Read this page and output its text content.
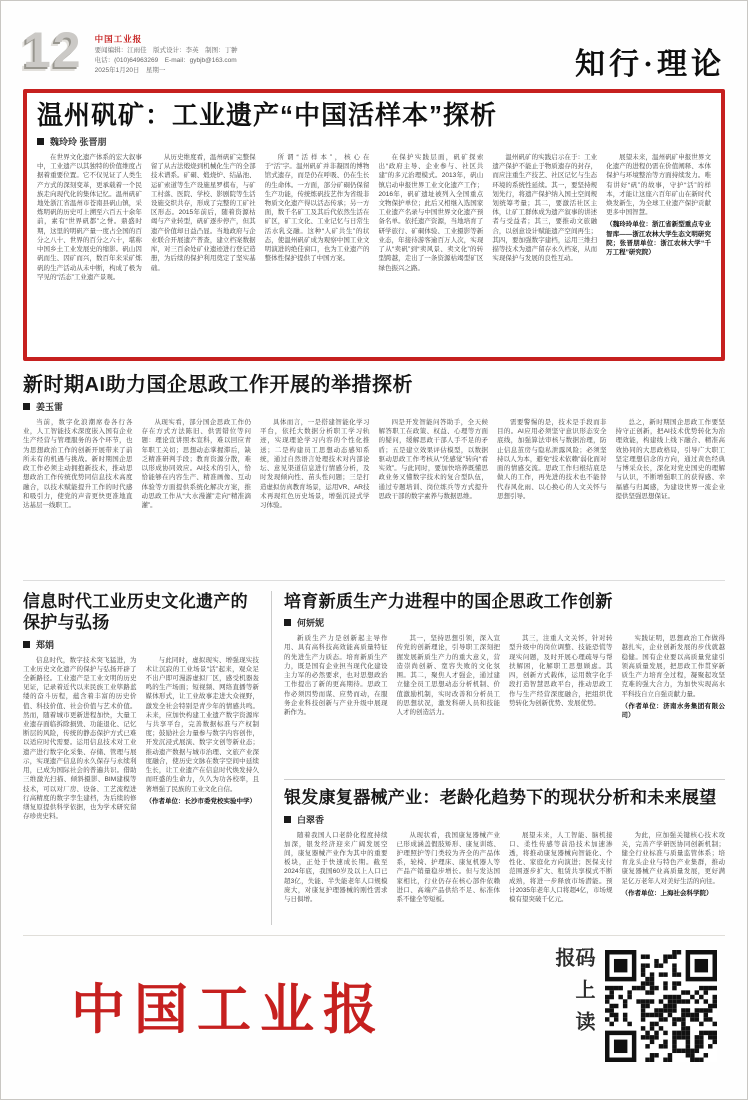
12 中国工业报
要闻编辑：江雨佳　版式设计：李英　制图：丁翀
电话：(010)64963269　E-mail：gybjb@163.com
2025年1月20日　星期一	知行·理论
温州矾矿：工业遗产“中国活样本”探析
魏玲玲 张晋朋

在世界文化遗产体系的宏大叙事中，工业遗产以其独特的价值维度占据着重要位置。它不仅见证了人类生产方式的深刻变革，更承载着一个民族走向现代化的集体记忆。温州矾矿地处浙江省温州市苍南县矾山镇，采炼明矾的历史可上溯至六百五十余年前，素有“世界矾都”之誉。鼎盛时期，这里的明矾产量一度占全国的百分之八十、世界的百分之六十，堪称中国乡土工业发展史的缩影。矾山因矾而生、因矿而兴，数百年来采矿炼矾的生产活动从未中断，构成了极为罕见的“活态”工业遗产景观。

从历史维度看，温州矾矿完整保留了从古法煅烧到机械化生产的全部技术谱系。矿硐、煅烧炉、结晶池、运矿索道等生产设施星罗棋布，与矿工村落、医院、学校、影剧院等生活设施交织共存，形成了完整的工矿社区形态。2015年前后，随着资源枯竭与产业转型，矾矿逐步停产，但其遗产价值却日益凸显。当地政府与企业联合开展遗产普查，建立档案数据库，对三百余处矿业遗迹进行登记造册，为后续的保护利用奠定了坚实基础。

所谓“活样本”，核心在于“活”字。温州矾矿并非凝固的博物馆式遗存，而是仍在呼吸、仍在生长的生命体。一方面，部分矿硐仍保留生产功能，传统炼矾技艺作为省级非物质文化遗产得以活态传承；另一方面，数千名矿工及其后代依然生活在矿区，矿工文化、工业记忆与日常生活水乳交融。这种“人矿共生”的状态，使温州矾矿成为观察中国工业文明演进的绝佳窗口，也为工业遗产的整体性保护提供了中国方案。

在保护实践层面，矾矿探索出“政府主导、企业参与、社区共建”的多元治理模式。2013年，矾山镇启动申报世界工业文化遗产工作；2016年，矾矿遗址被列入全国重点文物保护单位；此后又相继入选国家工业遗产名录与中国世界文化遗产预备名单。依托遗产资源，当地培育了研学旅行、矿硐体验、工业摄影等新业态，年接待游客逾百万人次，实现了从“卖矾”到“卖风景、卖文化”的转型跨越，走出了一条资源枯竭型矿区绿色振兴之路。

温州矾矿的实践启示在于：工业遗产保护不能止于物质遗存的封存，而应注重生产技艺、社区记忆与生态环境的系统性延续。其一，要坚持规划先行，将遗产保护纳入国土空间规划统筹考量；其二，要激活社区主体，让矿工群体成为遗产叙事的讲述者与受益者；其三，要推动文旅融合，以创意设计赋能遗产空间再生；其四，要加强数字建档，运用三维扫描等技术为遗产留存永久档案，从而实现保护与发展的良性互动。

展望未来，温州矾矿申报世界文化遗产的进程仍需在价值阐释、本体保护与环境整治等方面持续发力。唯有讲好“矾”的故事，守护“活”的样本，才能让这座六百年矿山在新时代焕发新生，为全球工业遗产保护贡献更多中国智慧。

（魏玲玲单位：浙江省新型重点专业智库——浙江农林大学生态文明研究院；张晋朋单位：浙江农林大学“千万工程”研究院）

新时期AI助力国企思政工作开展的举措探析
姜玉雷

当前，数字化浪潮席卷各行各业，人工智能技术深度嵌入国有企业生产经营与管理服务的各个环节，也为思想政治工作的创新开展带来了前所未有的机遇与挑战。新时期国企思政工作必须主动拥抱新技术，推动思想政治工作传统优势同信息技术高度融合，以技术赋能提升工作的时代感和吸引力，使党的声音更快更准地直达基层一线职工。

从现实看，部分国企思政工作仍存在方式方法陈旧、供需错位等问题：理论宣讲照本宣科，难以回应青年职工关切；思想动态掌握滞后，缺乏精准研判手段；教育资源分散，难以形成协同效应。AI技术的引入，恰恰能够在内容生产、精准画像、互动体验等方面提供系统化解决方案，推动思政工作从“大水漫灌”走向“精准滴灌”。

具体而言，一是搭建智能化学习平台，依托大数据分析职工学习轨迹，实现理论学习内容的个性化推送；二是构建员工思想动态感知系统，通过自然语言处理技术对内部论坛、意见渠道信息进行情感分析，及时发现倾向性、苗头性问题；三是打造虚拟仿真教育场景，运用VR、AR技术再现红色历史场景，增强沉浸式学习体验。

四是开发智能问答助手，全天候解答职工在政策、权益、心理等方面的疑问，缓解思政干部人手不足的矛盾；五是建立效果评估模型，以数据驱动思政工作考核从“凭感觉”转向“看实效”。与此同时，要加快培养既懂思政业务又懂数字技术的复合型队伍，通过专题培训、岗位练兵等方式提升思政干部的数字素养与数据思维。

需要警惕的是，技术是手段而非目的。AI应用必须坚守意识形态安全底线，加强算法审核与数据治理，防止信息茧房与隐私泄露风险；必须坚持以人为本，避免“技术依赖”弱化面对面的情感交流。思政工作归根结底是做人的工作，再先进的技术也不能替代春风化雨、以心换心的人文关怀与思想引导。

总之，新时期国企思政工作要坚持守正创新，把AI技术优势转化为治理效能，构建线上线下融合、精准高效协同的大思政格局，引导广大职工坚定理想信念的方向，通过黄色经典与博采众长，深化对党史国史的理解与认识，不断增强职工的获得感、幸福感与归属感，为建设世界一流企业提供坚强思想保证。

信息时代工业历史文化遗产的保护与弘扬
郑娟

信息时代，数字技术突飞猛进，为工业历史文化遗产的保护与弘扬开辟了全新路径。工业遗产是工业文明的历史见证，记录着近代以来民族工业筚路蓝缕的奋斗历程，蕴含着丰富的历史价值、科技价值、社会价值与艺术价值。然而，随着城市更新进程加快，大量工业遗存面临拆除损毁、功能退化、记忆断层的风险，传统的静态保护方式已难以适应时代需要。运用信息技术对工业遗产进行数字化采集、存储、管理与展示，实现遗产信息的永久保存与永续利用，已成为国际社会的普遍共识。借助三维激光扫描、倾斜摄影、BIM建模等技术，可以对厂房、设备、工艺流程进行高精度的数字孪生建档，为后续的修缮复原提供科学依据，也为学术研究留存珍贵史料。

与此同时，虚拟现实、增强现实技术让沉寂的工业场景“活”起来，观众足不出户即可漫游虚拟厂区，感受机器轰鸣的生产场面；短视频、网络直播等新媒体形式，让工业故事走进大众视野，激发全社会特别是青少年的情感共鸣。未来，应加快构建工业遗产数字资源库与共享平台，完善数据标准与产权制度；鼓励社会力量参与数字内容创作，开发沉浸式展演、数字文创等新业态；推动遗产数据与城市治理、文旅产业深度融合，使历史文脉在数字空间中延续生长，让工业遗产在信息时代焕发持久而旺盛的生命力，久久为功各校率，且著增强了民族的工业文化自信。

（作者单位：长沙市委党校实验中学）

培育新质生产力进程中的国企思政工作创新
何妍妮

新质生产力是创新起主导作用、具有高科技高效能高质量特征的先进生产力质态。培育新质生产力，既是国有企业担当现代化建设主力军的必然要求，也对思想政治工作提出了新的更高期待。思政工作必须因势而谋、应势而动，在服务企业科技创新与产业升级中展现新作为。

其一，坚持思想引领，深入宣传党的创新理论，引导职工深刻把握发展新质生产力的重大意义，营造崇尚创新、宽容失败的文化氛围。其二，聚焦人才强企，通过建立健全员工思想动态分析机制、价值激励机制，实时改善和分析员工的思想状况，激发科研人员和技能人才的创造活力。

其三，注重人文关怀，针对转型升级中的岗位调整、技能恐慌等现实问题，及时开展心理疏导与帮扶解困，化解职工思想顾虑。其四，创新方式载体，运用数字化手段打造智慧思政平台，推动思政工作与生产经营深度融合，把组织优势转化为创新优势、发展优势。

实践证明，思想政治工作做得越扎实，企业创新发展的步伐就越稳健。国有企业要以高质量党建引领高质量发展，把思政工作贯穿新质生产力培育全过程，凝聚起攻坚克难的强大合力，为加快实现高水平科技自立自强贡献力量。

（作者单位：济南水务集团有限公司）

银发康复器械产业：老龄化趋势下的现状分析和未来展望
白翠香

随着我国人口老龄化程度持续加深，银发经济迎来广阔发展空间，康复器械产业作为其中的重要板块，正处于快速成长期。截至2024年底，我国60岁及以上人口已超3亿，失能、半失能老年人口规模庞大，对康复护理器械的刚性需求与日俱增。

从现状看，我国康复器械产业已形成涵盖假肢矫形、康复训练、护理照护等门类较为齐全的产品体系，轮椅、护理床、康复机器人等产品产销量稳步增长。但与发达国家相比，行业仍存在核心部件依赖进口、高端产品供给不足、标准体系不健全等短板。

展望未来，人工智能、脑机接口、柔性传感等前沿技术加速渗透，将推动康复器械向智能化、个性化、家庭化方向演进；医保支付范围逐步扩大、租赁共享模式不断成熟，将进一步释放市场潜能。预计2035年老年人口将超4亿，市场规模有望突破千亿元。

为此，应加强关键核心技术攻关，完善产学研医协同创新机制；健全行业标准与质量监管体系；培育龙头企业与特色产业集群，推动康复器械产业高质量发展，更好满足亿万老年人对美好生活的向往。

（作者单位：上海社会科学院）

中国工业报	码上读报
